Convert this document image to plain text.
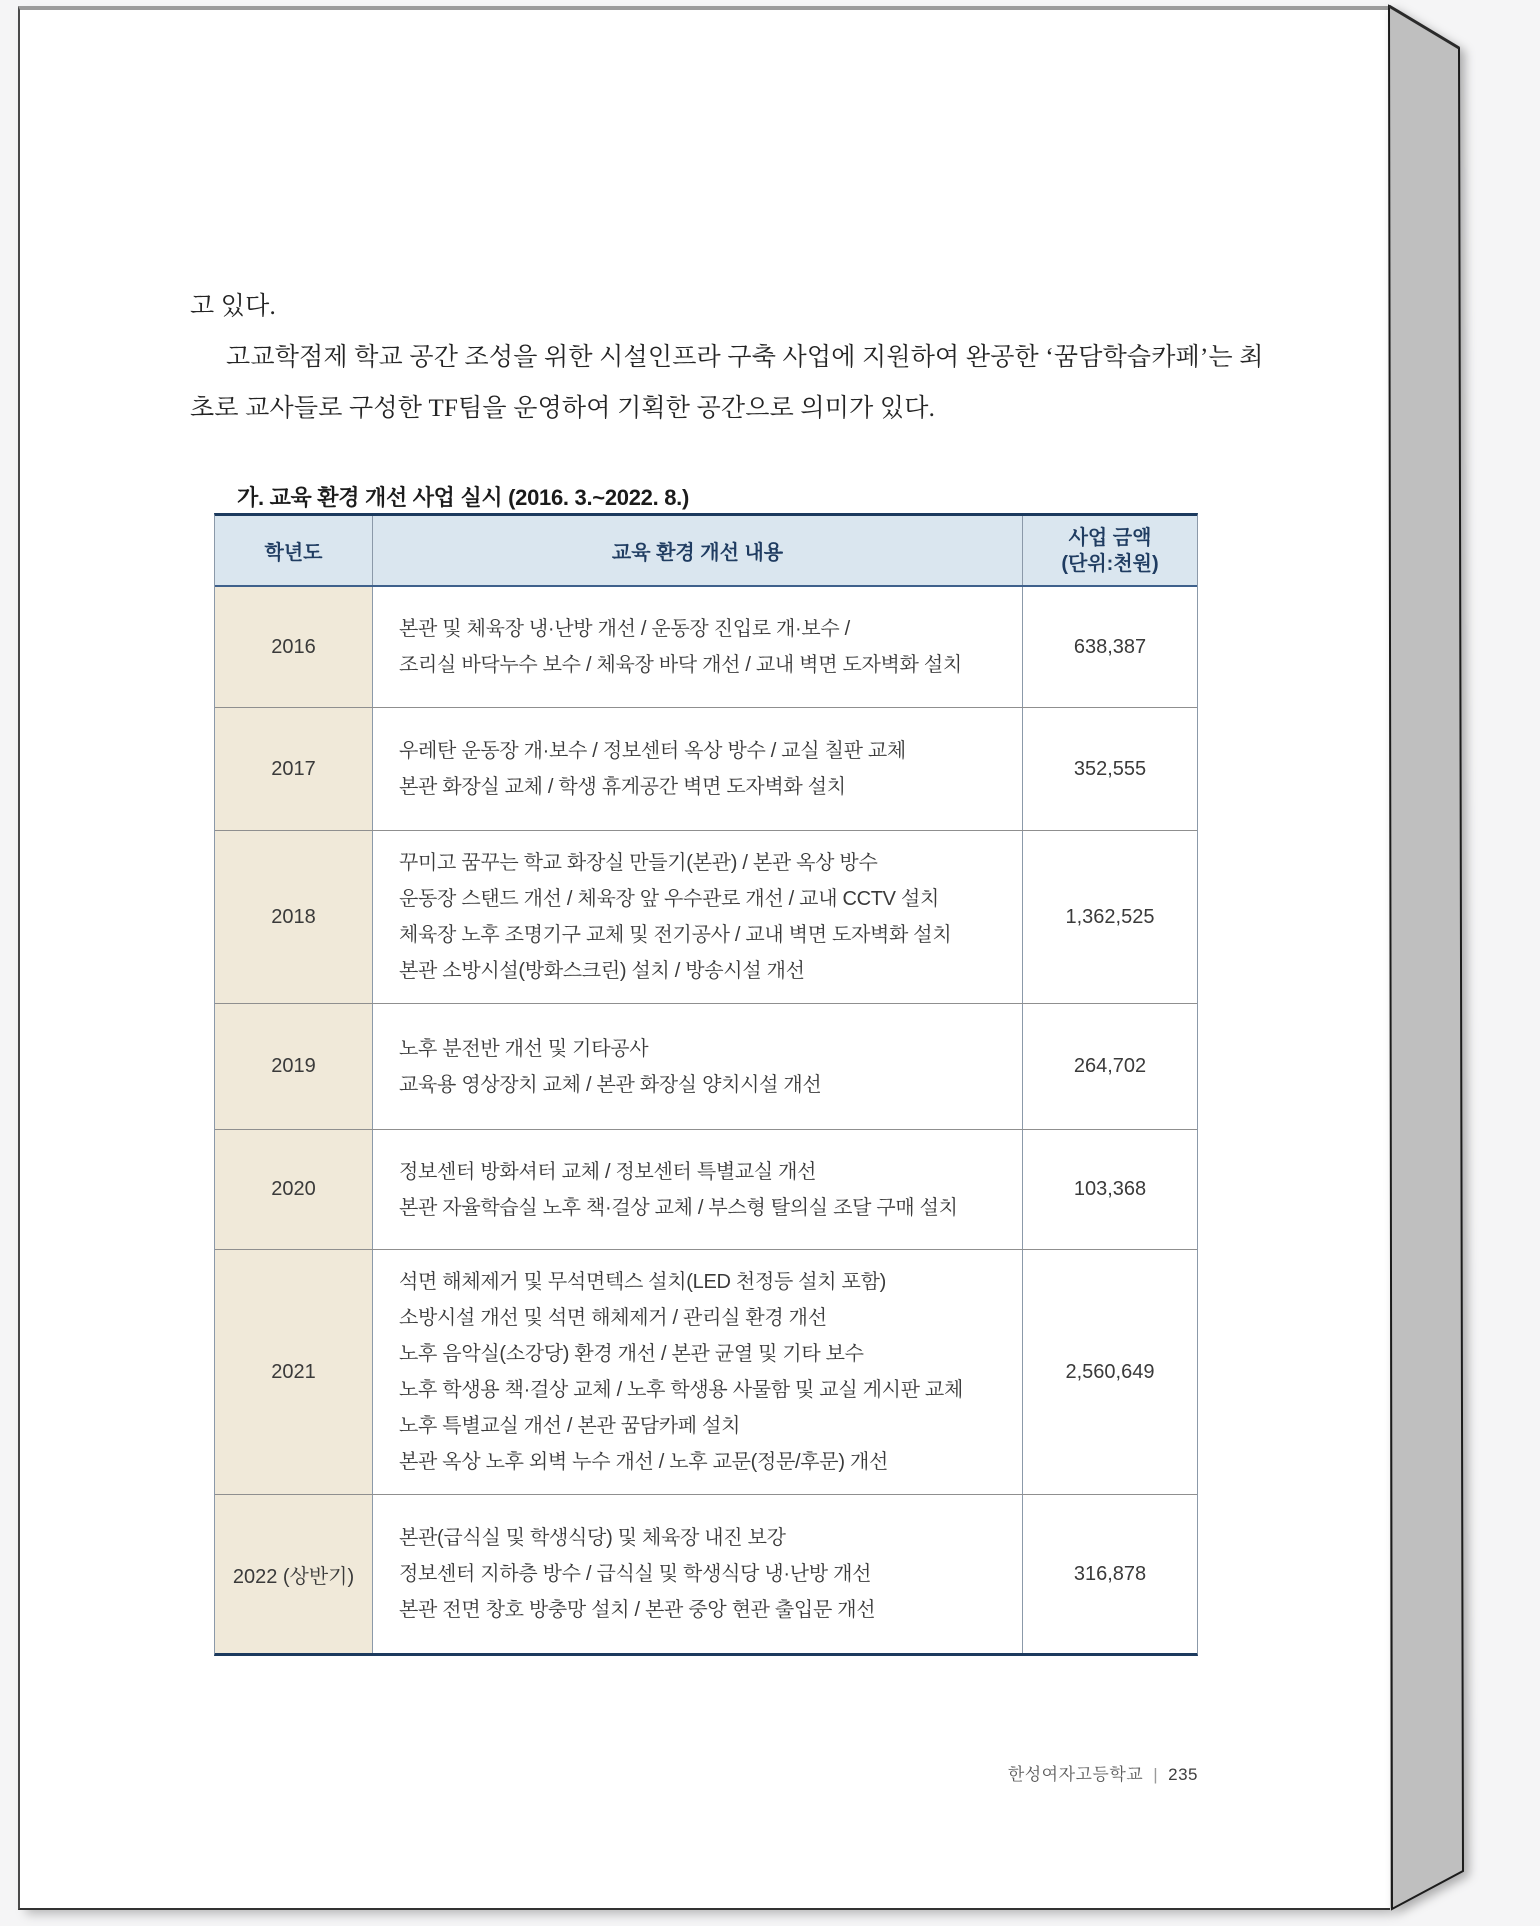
고 있다.
고교학점제 학교 공간 조성을 위한 시설인프라 구축 사업에 지원하여 완공한 ‘꿈담학습카페’는 최
초로 교사들로 구성한 TF팀을 운영하여 기획한 공간으로 의미가 있다.
가. 교육 환경 개선 사업 실시 (2016. 3.~2022. 8.)
학년도	교육 환경 개선 내용
사업 금액
(단위:천원)
2016
본관 및 체육장 냉·난방 개선 / 운동장 진입로 개·보수 /
조리실 바닥누수 보수 / 체육장 바닥 개선 / 교내 벽면 도자벽화 설치
638,387
2017
우레탄 운동장 개·보수 / 정보센터 옥상 방수 / 교실 칠판 교체
본관 화장실 교체 / 학생 휴게공간 벽면 도자벽화 설치
352,555
2018
꾸미고 꿈꾸는 학교 화장실 만들기(본관) / 본관 옥상 방수
운동장 스탠드 개선 / 체육장 앞 우수관로 개선 / 교내 CCTV 설치
체육장 노후 조명기구 교체 및 전기공사 / 교내 벽면 도자벽화 설치
본관 소방시설(방화스크린) 설치 / 방송시설 개선
1,362,525
2019
노후 분전반 개선 및 기타공사
교육용 영상장치 교체 / 본관 화장실 양치시설 개선
264,702
2020
정보센터 방화셔터 교체 / 정보센터 특별교실 개선
본관 자율학습실 노후 책·걸상 교체 / 부스형 탈의실 조달 구매 설치
103,368
2021
석면 해체제거 및 무석면텍스 설치(LED 천정등 설치 포함)
소방시설 개선 및 석면 해체제거 / 관리실 환경 개선
노후 음악실(소강당) 환경 개선 / 본관 균열 및 기타 보수
노후 학생용 책·걸상 교체 / 노후 학생용 사물함 및 교실 게시판 교체
노후 특별교실 개선 / 본관 꿈담카페 설치
본관 옥상 노후 외벽 누수 개선 / 노후 교문(정문/후문) 개선
2,560,649
2022 (상반기)
본관(급식실 및 학생식당) 및 체육장 내진 보강
정보센터 지하층 방수 / 급식실 및 학생식당 냉·난방 개선
본관 전면 창호 방충망 설치 / 본관 중앙 현관 출입문 개선
316,878
한성여자고등학교 | 235
